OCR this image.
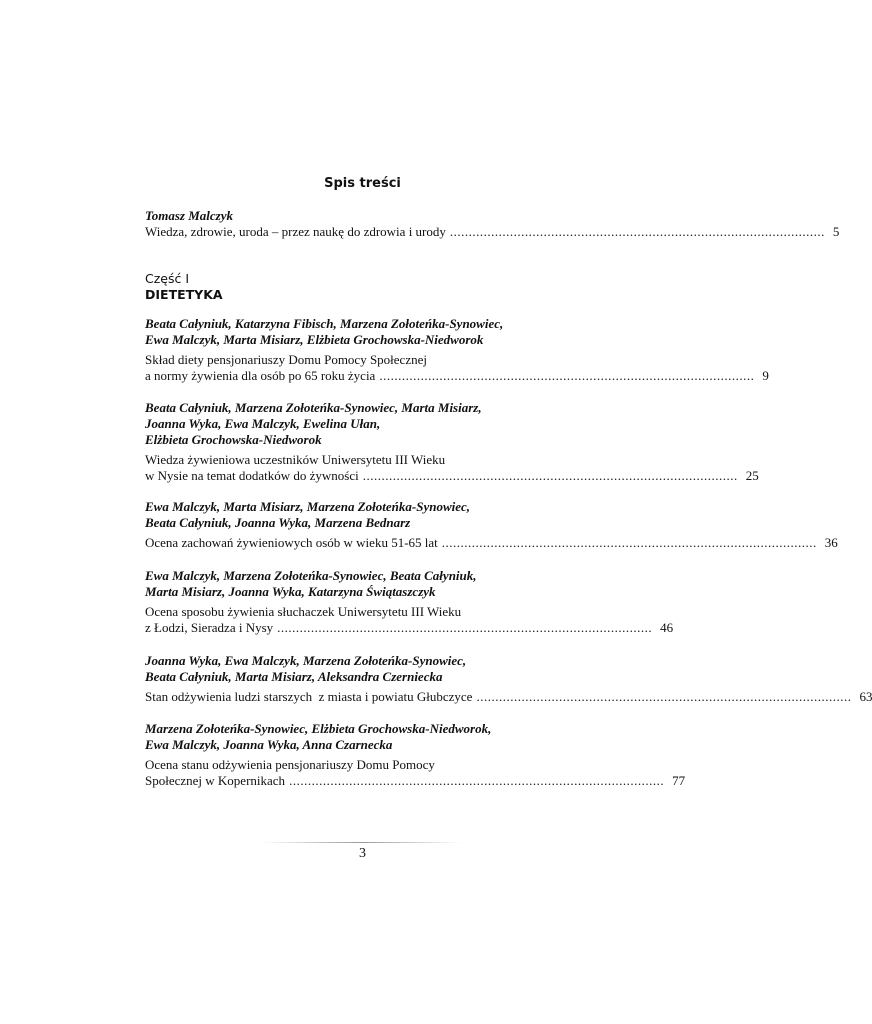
Spis treści
Tomasz Malczyk
Wiedza, zdrowie, uroda – przez naukę do zdrowia i urody .................................................................................................... 5
Część I
DIETETYKA
Beata Całyniuk, Katarzyna Fibisch, Marzena Zołoteńka-Synowiec,
Ewa Malczyk, Marta Misiarz, Elżbieta Grochowska-Niedworok
Skład diety pensjonariuszy Domu Pomocy Społecznej
a normy żywienia dla osób po 65 roku życia .................................................................................................... 9
Beata Całyniuk, Marzena Zołoteńka-Synowiec, Marta Misiarz,
Joanna Wyka, Ewa Malczyk, Ewelina Ułan,
Elżbieta Grochowska-Niedworok
Wiedza żywieniowa uczestników Uniwersytetu III Wieku
w Nysie na temat dodatków do żywności .................................................................................................... 25
Ewa Malczyk, Marta Misiarz, Marzena Zołoteńka-Synowiec,
Beata Całyniuk, Joanna Wyka, Marzena Bednarz
Ocena zachowań żywieniowych osób w wieku 51-65 lat .................................................................................................... 36
Ewa Malczyk, Marzena Zołoteńka-Synowiec, Beata Całyniuk,
Marta Misiarz, Joanna Wyka, Katarzyna Świątaszczyk
Ocena sposobu żywienia słuchaczek Uniwersytetu III Wieku
z Łodzi, Sieradza i Nysy .................................................................................................... 46
Joanna Wyka, Ewa Malczyk, Marzena Zołoteńka-Synowiec,
Beata Całyniuk, Marta Misiarz, Aleksandra Czerniecka
Stan odżywienia ludzi starszych  z miasta i powiatu Głubczyce .................................................................................................... 63
Marzena Zołoteńka-Synowiec, Elżbieta Grochowska-Niedworok,
Ewa Malczyk, Joanna Wyka, Anna Czarnecka
Ocena stanu odżywienia pensjonariuszy Domu Pomocy
Społecznej w Kopernikach .................................................................................................... 77
3
